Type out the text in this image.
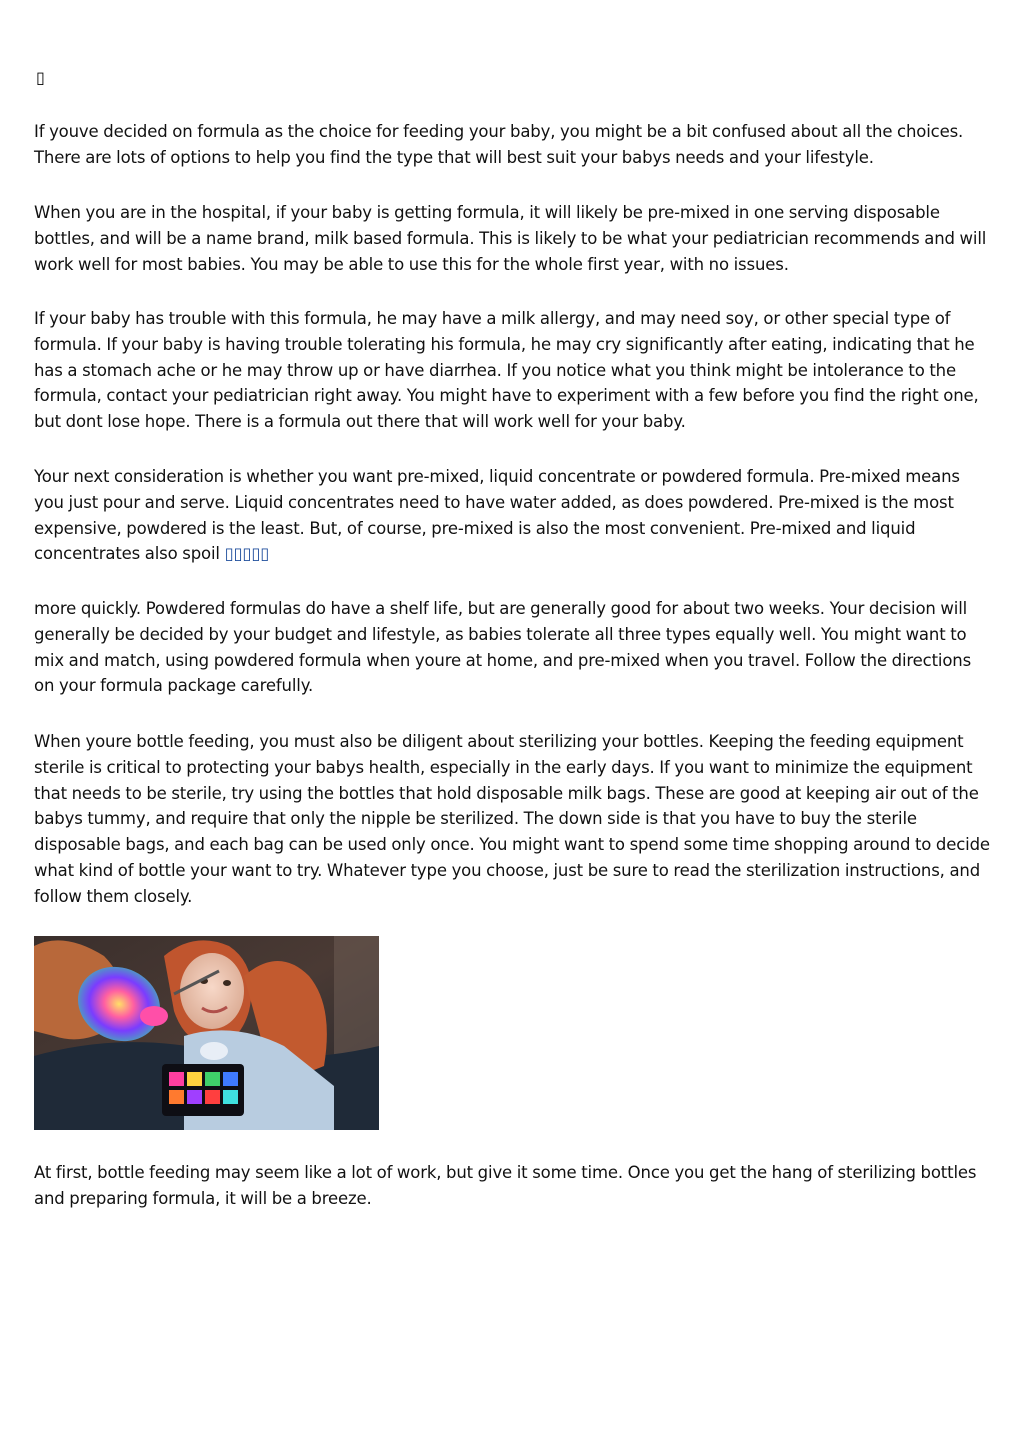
▯

If youve decided on formula as the choice for feeding your baby, you might be a bit confused about all the choices. There are lots of options to help you find the type that will best suit your babys needs and your lifestyle.

When you are in the hospital, if your baby is getting formula, it will likely be pre-mixed in one serving disposable bottles, and will be a name brand, milk based formula. This is likely to be what your pediatrician recommends and will work well for most babies. You may be able to use this for the whole first year, with no issues.

If your baby has trouble with this formula, he may have a milk allergy, and may need soy, or other special type of formula. If your baby is having trouble tolerating his formula, he may cry significantly after eating, indicating that he has a stomach ache or he may throw up or have diarrhea. If you notice what you think might be intolerance to the formula, contact your pediatrician right away. You might have to experiment with a few before you find the right one, but dont lose hope. There is a formula out there that will work well for your baby.

Your next consideration is whether you want pre-mixed, liquid concentrate or powdered formula. Pre-mixed means you just pour and serve. Liquid concentrates need to have water added, as does powdered. Pre-mixed is the most expensive, powdered is the least. But, of course, pre-mixed is also the most convenient. Pre-mixed and liquid concentrates also spoil ▯▯▯▯▯

more quickly. Powdered formulas do have a shelf life, but are generally good for about two weeks. Your decision will generally be decided by your budget and lifestyle, as babies tolerate all three types equally well. You might want to mix and match, using powdered formula when youre at home, and pre-mixed when you travel. Follow the directions on your formula package carefully.

When youre bottle feeding, you must also be diligent about sterilizing your bottles. Keeping the feeding equipment sterile is critical to protecting your babys health, especially in the early days. If you want to minimize the equipment that needs to be sterile, try using the bottles that hold disposable milk bags. These are good at keeping air out of the babys tummy, and require that only the nipple be sterilized. The down side is that you have to buy the sterile disposable bags, and each bag can be used only once. You might want to spend some time shopping around to decide what kind of bottle your want to try. Whatever type you choose, just be sure to read the sterilization instructions, and follow them closely.

At first, bottle feeding may seem like a lot of work, but give it some time. Once you get the hang of sterilizing bottles and preparing formula, it will be a breeze.
